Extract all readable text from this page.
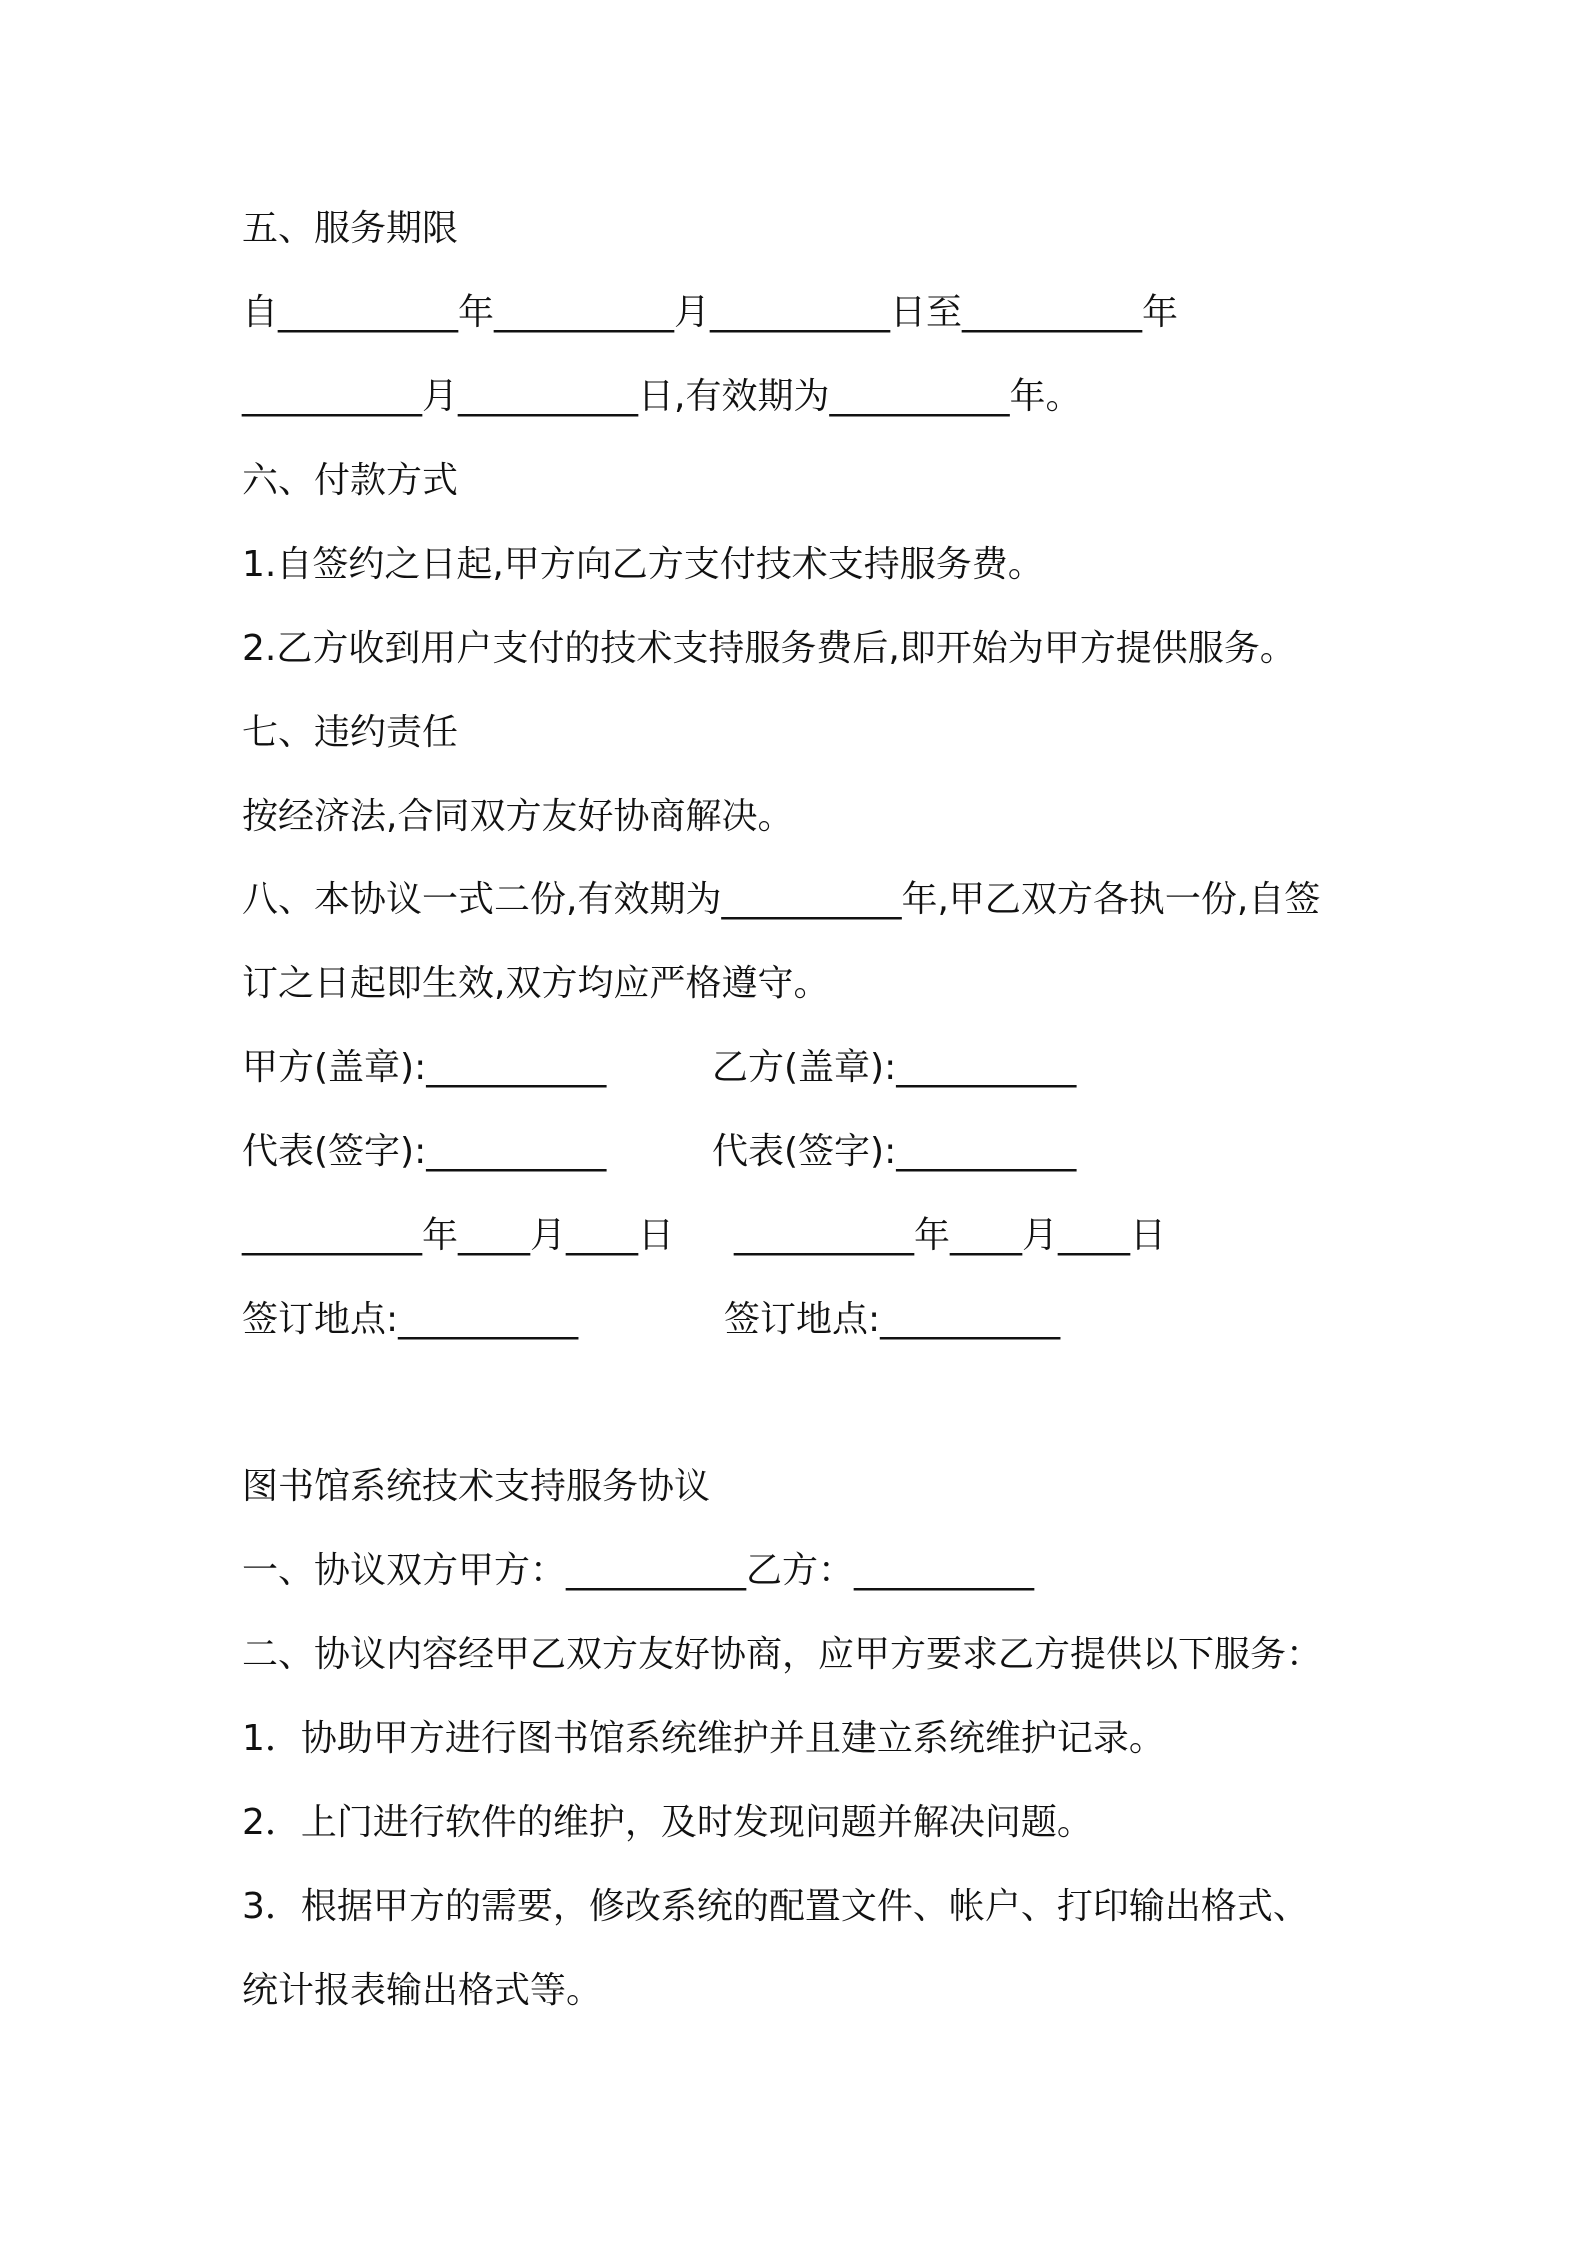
五、服务期限
自__________年__________月__________日至__________年
__________月__________日,有效期为__________年。
六、付款方式
1.自签约之日起,甲方向乙方支付技术支持服务费。
2.乙方收到用户支付的技术支持服务费后,即开始为甲方提供服务。
七、违约责任
按经济法,合同双方友好协商解决。
八、本协议一式二份,有效期为__________年,甲乙双方各执一份,自签
订之日起即生效,双方均应严格遵守。
甲方(盖章):__________	乙方(盖章):__________
代表(签字):__________	代表(签字):__________
__________年____月____日 __________年____月____日
签订地点:__________	签订地点:__________
图书馆系统技术支持服务协议
一、协议双方甲方：__________乙方：__________
二、协议内容经甲乙双方友好协商，应甲方要求乙方提供以下服务：
1．协助甲方进行图书馆系统维护并且建立系统维护记录。
2．上门进行软件的维护，及时发现问题并解决问题。
3．根据甲方的需要，修改系统的配置文件、帐户、打印输出格式、
统计报表输出格式等。
